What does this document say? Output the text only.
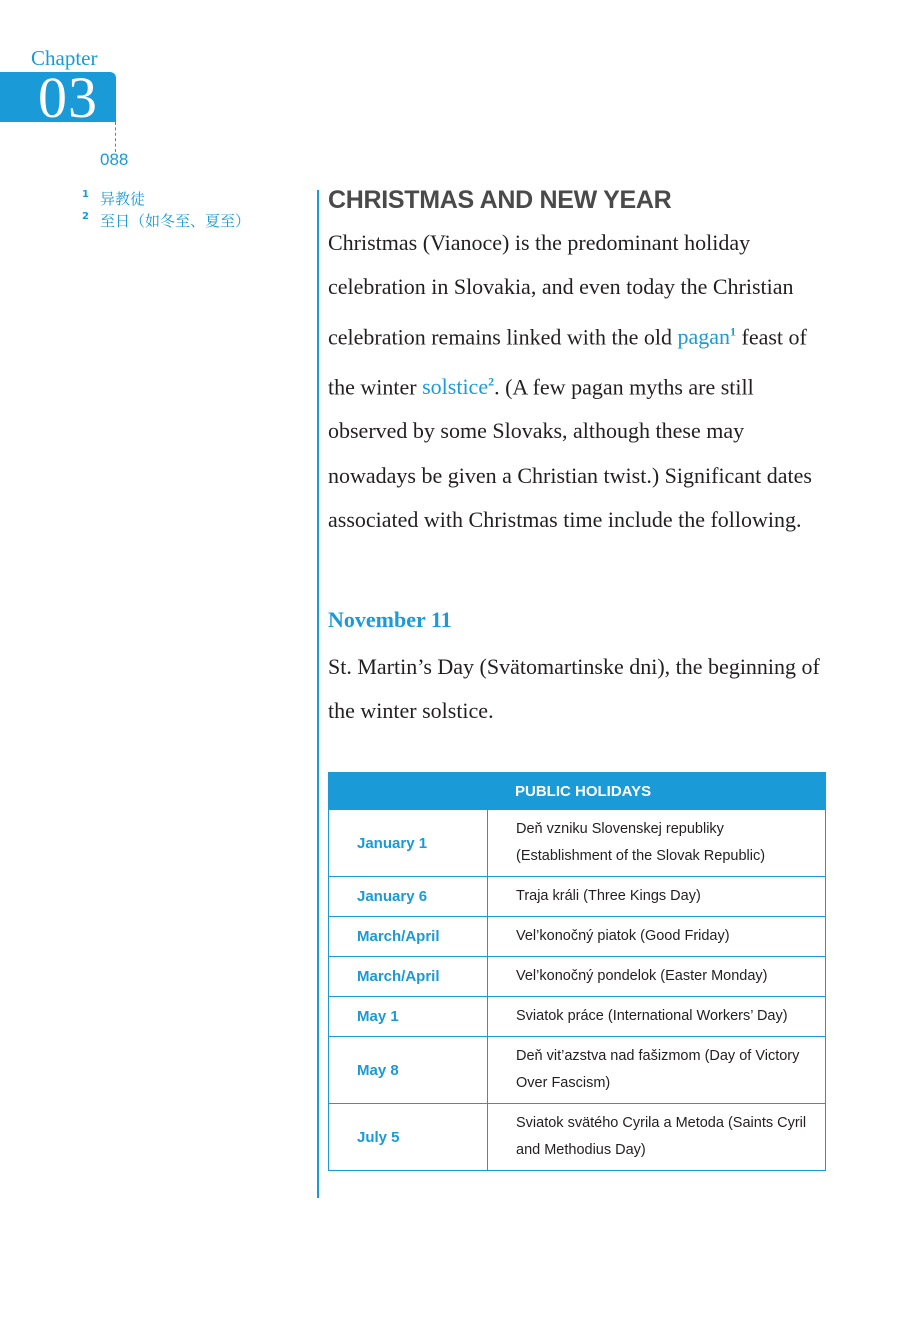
Chapter
03
088
1 异教徒
2 至日（如冬至、夏至）
CHRISTMAS AND NEW YEAR

Christmas (Vianoce) is the predominant holiday celebration in Slovakia, and even today the Christian celebration remains linked with the old pagan$^1$ feast of the winter solstice$^2$. (A few pagan myths are still observed by some Slovaks, although these may nowadays be given a Christian twist.) Significant dates associated with Christmas time include the following.

November 11

St. Martin’s Day (Svätomartinske dni), the beginning of the winter solstice.

PUBLIC HOLIDAYS	
January 1	Deň vzniku Slovenskej republiky (Establishment of the Slovak Republic)
January 6	Traja králi (Three Kings Day)
March/April	Vel’konočný piatok (Good Friday)
March/April	Vel’konočný pondelok (Easter Monday)
May 1	Sviatok práce (International Workers’ Day)
May 8	Deň vit’azstva nad fašizmom (Day of Victory Over Fascism)
July 5	Sviatok svätého Cyrila a Metoda (Saints Cyril and Methodius Day)
